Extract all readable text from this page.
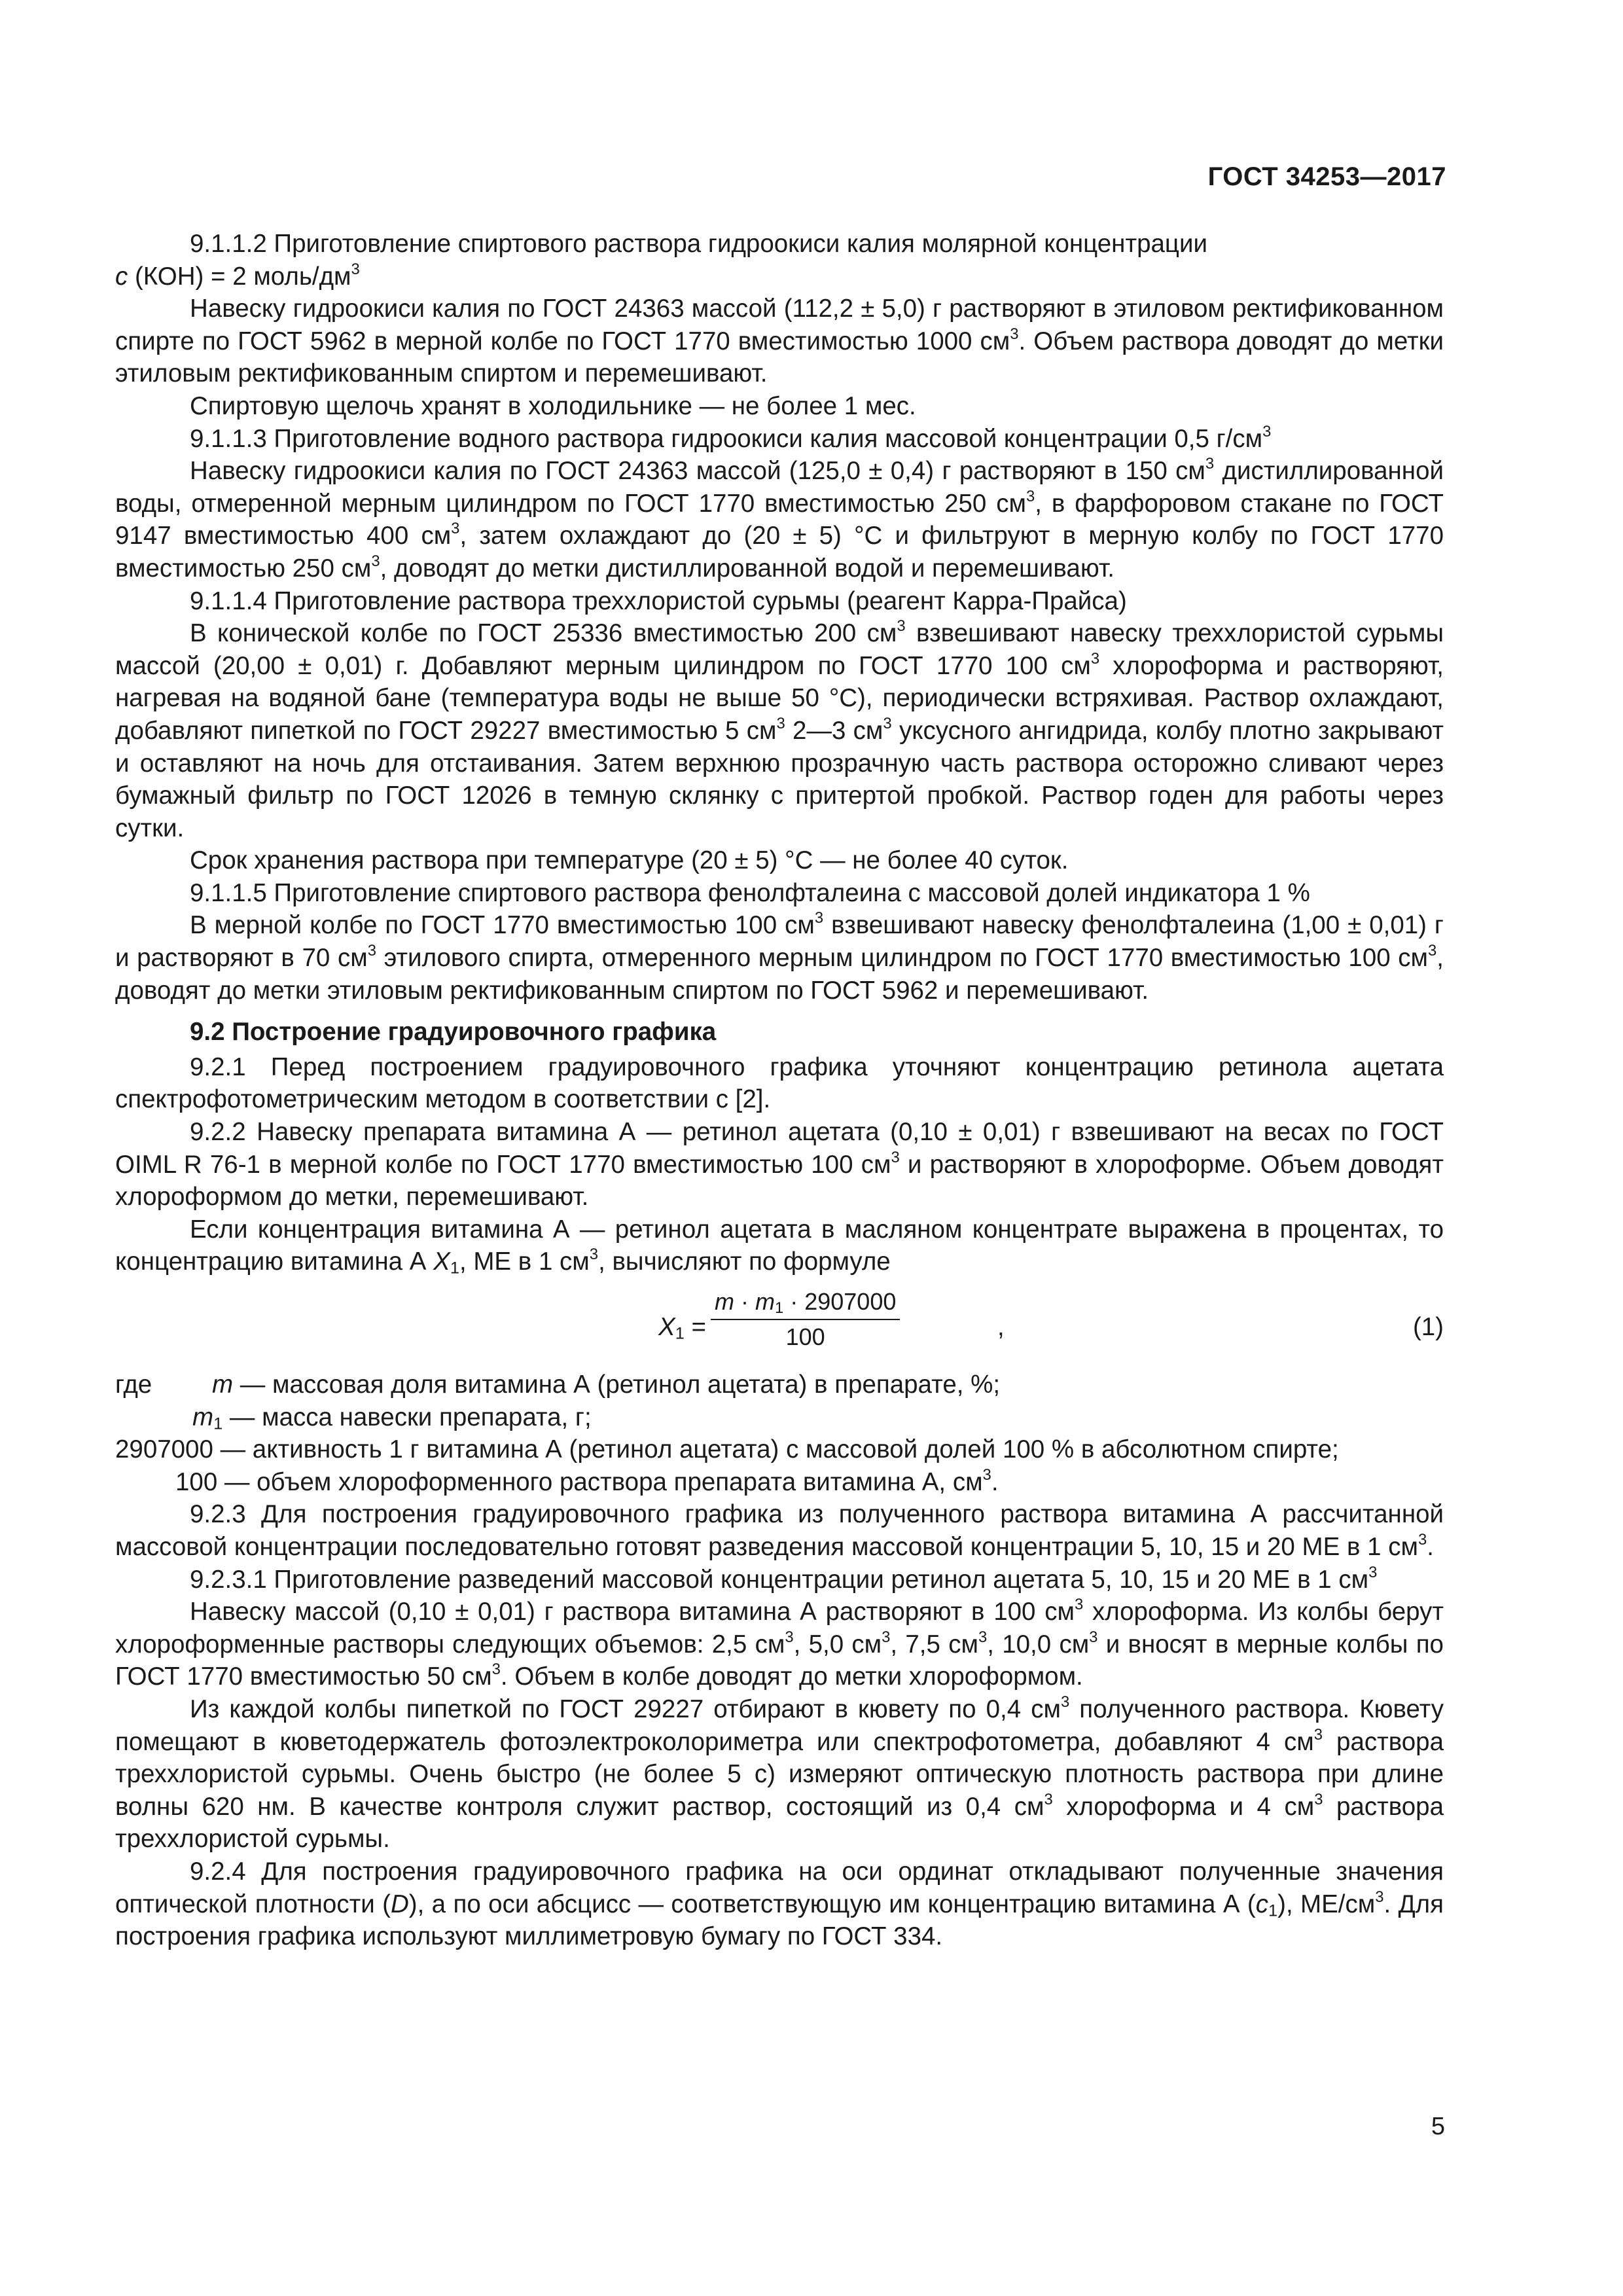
ГОСТ 34253—2017

9.1.1.2 Приготовление спиртового раствора гидроокиси калия молярной концентрации

с (КОН) = 2 моль/$дм^3$

Навеску гидроокиси калия по ГОСТ 24363 массой (112,2 ± 5,0) г растворяют в этиловом ректификованном спирте по ГОСТ 5962 в мерной колбе по ГОСТ 1770 вместимостью 1000 $см^3$. Объем раствора доводят до метки этиловым ректификованным спиртом и перемешивают.

Спиртовую щелочь хранят в холодильнике — не более 1 мес.

9.1.1.3 Приготовление водного раствора гидроокиси калия массовой концентрации 0,5 $г/см^3$

Навеску гидроокиси калия по ГОСТ 24363 массой (125,0 ± 0,4) г растворяют в 150 $см^3$ дистиллированной воды, отмеренной мерным цилиндром по ГОСТ 1770 вместимостью 250 $см^3$, в фарфоровом стакане по ГОСТ 9147 вместимостью 400 $см^3$, затем охлаждают до (20 ± 5) °С и фильтруют в мерную колбу по ГОСТ 1770 вместимостью 250 $см^3$, доводят до метки дистиллированной водой и перемешивают.

9.1.1.4 Приготовление раствора треххлористой сурьмы (реагент Карра-Прайса)

В конической колбе по ГОСТ 25336 вместимостью 200 $см^3$ взвешивают навеску треххлористой сурьмы массой (20,00 ± 0,01) г. Добавляют мерным цилиндром по ГОСТ 1770 100 $см^3$ хлороформа и растворяют, нагревая на водяной бане (температура воды не выше 50 °С), периодически встряхивая. Раствор охлаждают, добавляют пипеткой по ГОСТ 29227 вместимостью 5 $см^3$ 2—3 $см^3$ уксусного ангидрида, колбу плотно закрывают и оставляют на ночь для отстаивания. Затем верхнюю прозрачную часть раствора осторожно сливают через бумажный фильтр по ГОСТ 12026 в темную склянку с притертой пробкой. Раствор годен для работы через сутки.

Срок хранения раствора при температуре (20 ± 5) °С — не более 40 суток.

9.1.1.5 Приготовление спиртового раствора фенолфталеина с массовой долей индикатора 1 %

В мерной колбе по ГОСТ 1770 вместимостью 100 $см^3$ взвешивают навеску фенолфталеина (1,00 ± 0,01) г и растворяют в 70 $см^3$ этилового спирта, отмеренного мерным цилиндром по ГОСТ 1770 вместимостью 100 $см^3$, доводят до метки этиловым ректификованным спиртом по ГОСТ 5962 и перемешивают.

9.2 Построение градуировочного графика

9.2.1 Перед построением градуировочного графика уточняют концентрацию ретинола ацетата спектрофотометрическим методом в соответствии с [2].

9.2.2 Навеску препарата витамина А — ретинол ацетата (0,10 ± 0,01) г взвешивают на весах по ГОСТ OIML R 76-1 в мерной колбе по ГОСТ 1770 вместимостью 100 $см^3$ и растворяют в хлороформе. Объем доводят хлороформом до метки, перемешивают.

Если концентрация витамина А — ретинол ацетата в масляном концентрате выражена в процентах, то концентрацию витамина А $X_1$, МЕ в 1 $см^3$, вычисляют по формуле

$X_1 = \frac{m \cdot m_1 \cdot 2907000}{100}$	,	(1)
где m — массовая доля витамина А (ретинол ацетата) в препарате, %;
$m_1$ — масса навески препарата, г;
2907000 — активность 1 г витамина А (ретинол ацетата) с массовой долей 100 % в абсолютном спирте;
100 — объем хлороформенного раствора препарата витамина А, $см^3$.

9.2.3 Для построения градуировочного графика из полученного раствора витамина А рассчитанной массовой концентрации последовательно готовят разведения массовой концентрации 5, 10, 15 и 20 МЕ в 1 $см^3$.

9.2.3.1 Приготовление разведений массовой концентрации ретинол ацетата 5, 10, 15 и 20 МЕ в 1 $см^3$

Навеску массой (0,10 ± 0,01) г раствора витамина А растворяют в 100 $см^3$ хлороформа. Из колбы берут хлороформенные растворы следующих объемов: 2,5 $см^3$, 5,0 $см^3$, 7,5 $см^3$, 10,0 $см^3$ и вносят в мерные колбы по ГОСТ 1770 вместимостью 50 $см^3$. Объем в колбе доводят до метки хлороформом.

Из каждой колбы пипеткой по ГОСТ 29227 отбирают в кювету по 0,4 $см^3$ полученного раствора. Кювету помещают в кюветодержатель фотоэлектроколориметра или спектрофотометра, добавляют 4 $см^3$ раствора треххлористой сурьмы. Очень быстро (не более 5 с) измеряют оптическую плотность раствора при длине волны 620 нм. В качестве контроля служит раствор, состоящий из 0,4 $см^3$ хлороформа и 4 $см^3$ раствора треххлористой сурьмы.

9.2.4 Для построения градуировочного графика на оси ординат откладывают полученные значения оптической плотности (D), а по оси абсцисс — соответствующую им концентрацию витамина А $(c_1)$, $МЕ/см^3$. Для построения графика используют миллиметровую бумагу по ГОСТ 334.

5
